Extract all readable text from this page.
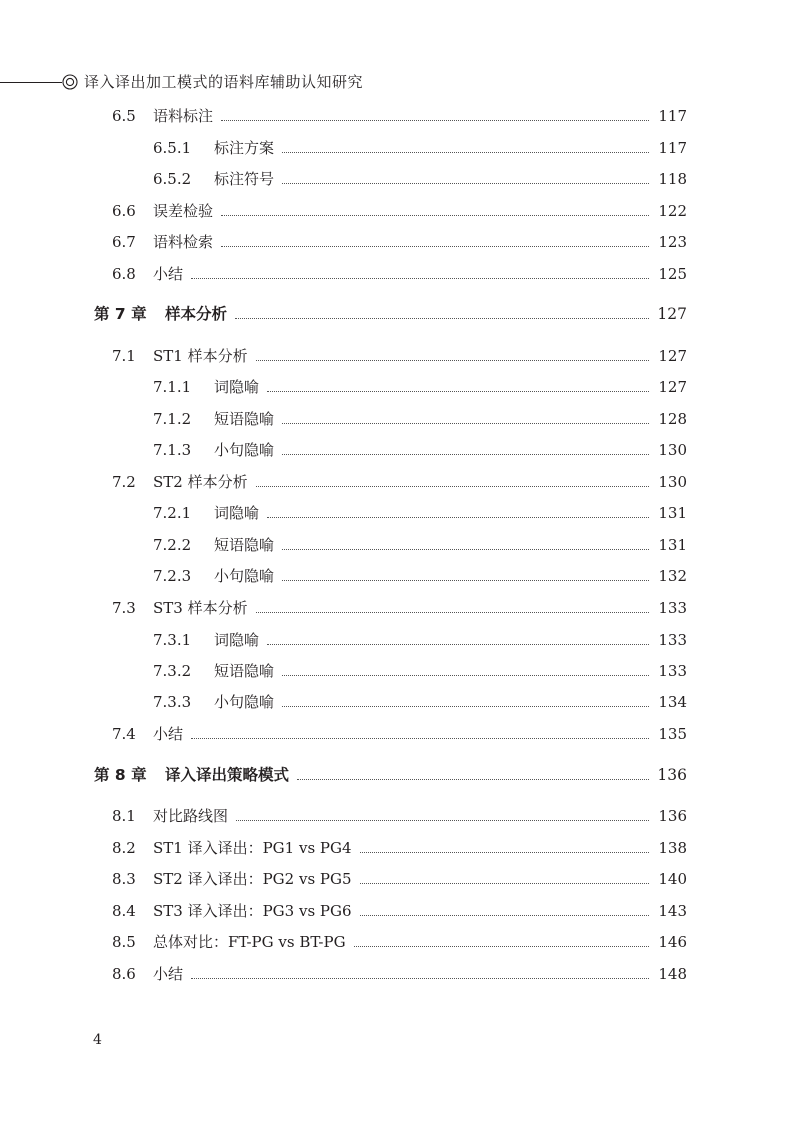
译入译出加工模式的语料库辅助认知研究
6.5 语料标注	117
6.5.1 标注方案	117
6.5.2 标注符号	118
6.6 误差检验	122
6.7 语料检索	123
6.8 小结	125
第 7 章 样本分析	127
7.1 ST1 样本分析	127
7.1.1 词隐喻	127
7.1.2 短语隐喻	128
7.1.3 小句隐喻	130
7.2 ST2 样本分析	130
7.2.1 词隐喻	131
7.2.2 短语隐喻	131
7.2.3 小句隐喻	132
7.3 ST3 样本分析	133
7.3.1 词隐喻	133
7.3.2 短语隐喻	133
7.3.3 小句隐喻	134
7.4 小结	135
第 8 章 译入译出策略模式	136
8.1 对比路线图	136
8.2 ST1 译入译出：PG1 vs PG4	138
8.3 ST2 译入译出：PG2 vs PG5	140
8.4 ST3 译入译出：PG3 vs PG6	143
8.5 总体对比：FT-PG vs BT-PG	146
8.6 小结	148
4
